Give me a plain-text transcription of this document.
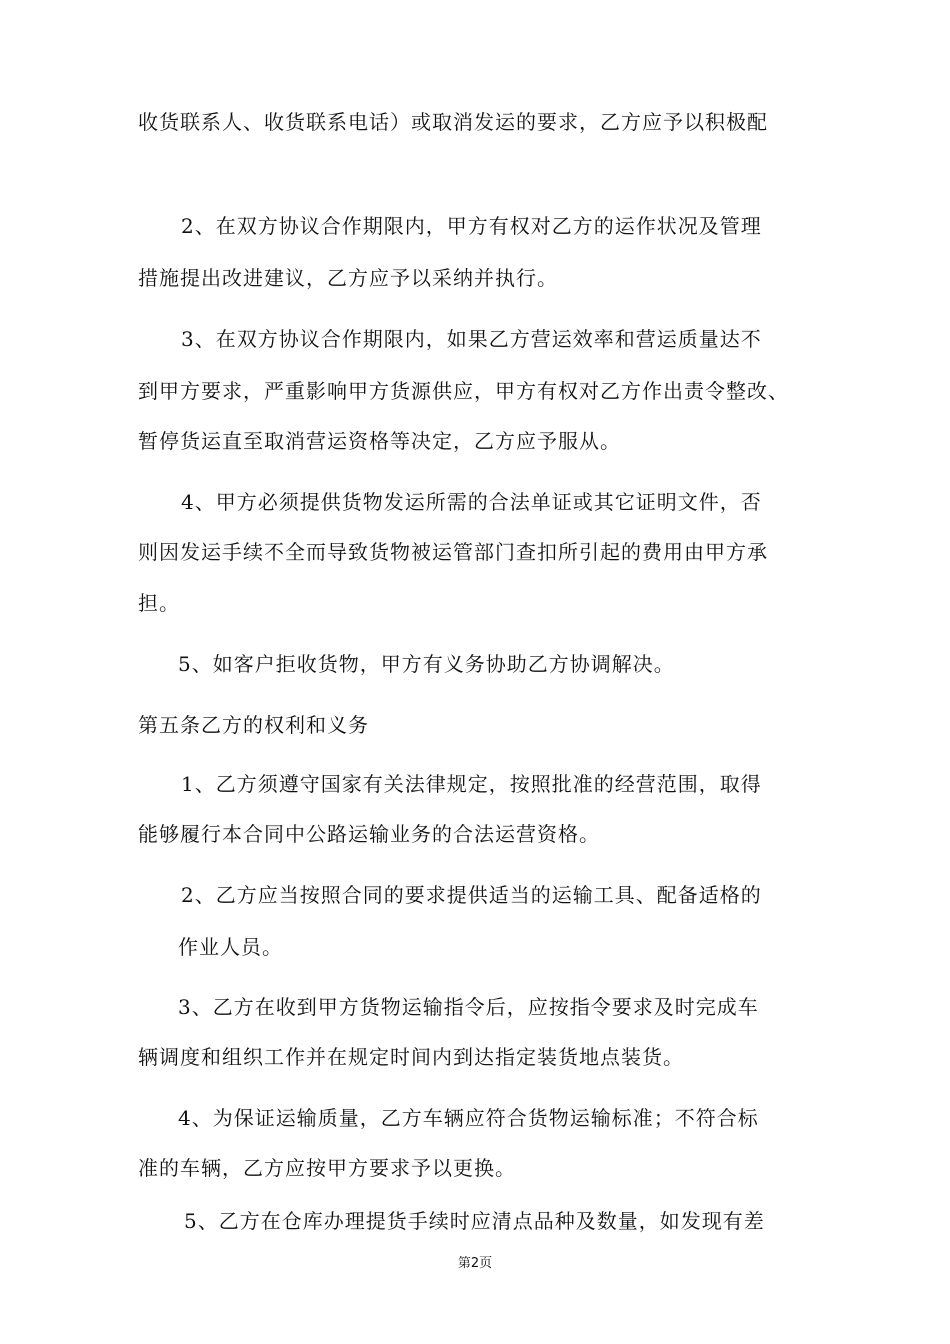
收货联系人、收货联系电话）或取消发运的要求，乙方应予以积极配
2、在双方协议合作期限内，甲方有权对乙方的运作状况及管理
措施提出改进建议，乙方应予以采纳并执行。
3、在双方协议合作期限内，如果乙方营运效率和营运质量达不
到甲方要求，严重影响甲方货源供应，甲方有权对乙方作出责令整改、
暂停货运直至取消营运资格等决定，乙方应予服从。
4、甲方必须提供货物发运所需的合法单证或其它证明文件，否
则因发运手续不全而导致货物被运管部门查扣所引起的费用由甲方承
担。
5、如客户拒收货物，甲方有义务协助乙方协调解决。
第五条乙方的权利和义务
1、乙方须遵守国家有关法律规定，按照批准的经营范围，取得
能够履行本合同中公路运输业务的合法运营资格。
2、乙方应当按照合同的要求提供适当的运输工具、配备适格的
作业人员。
3、乙方在收到甲方货物运输指令后，应按指令要求及时完成车
辆调度和组织工作并在规定时间内到达指定装货地点装货。
4、为保证运输质量，乙方车辆应符合货物运输标准；不符合标
准的车辆，乙方应按甲方要求予以更换。
5、乙方在仓库办理提货手续时应清点品种及数量，如发现有差
第2页
